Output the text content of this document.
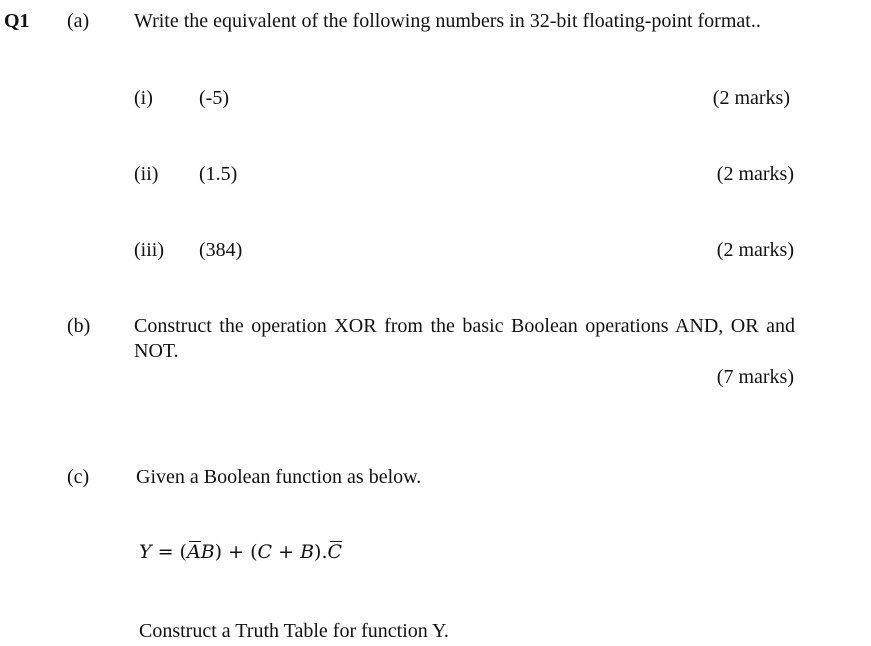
Q1 (a) Write the equivalent of the following numbers in 32-bit floating-point format..
(i) (-5)	(2 marks)
(ii) (1.5)	(2 marks)
(iii) (384)	(2 marks)
(b) Construct the operation XOR from the basic Boolean operations AND, OR and NOT.
(7 marks)
(c) Given a Boolean function as below.
Y = (AB) + (C + B).C
Construct a Truth Table for function Y.
